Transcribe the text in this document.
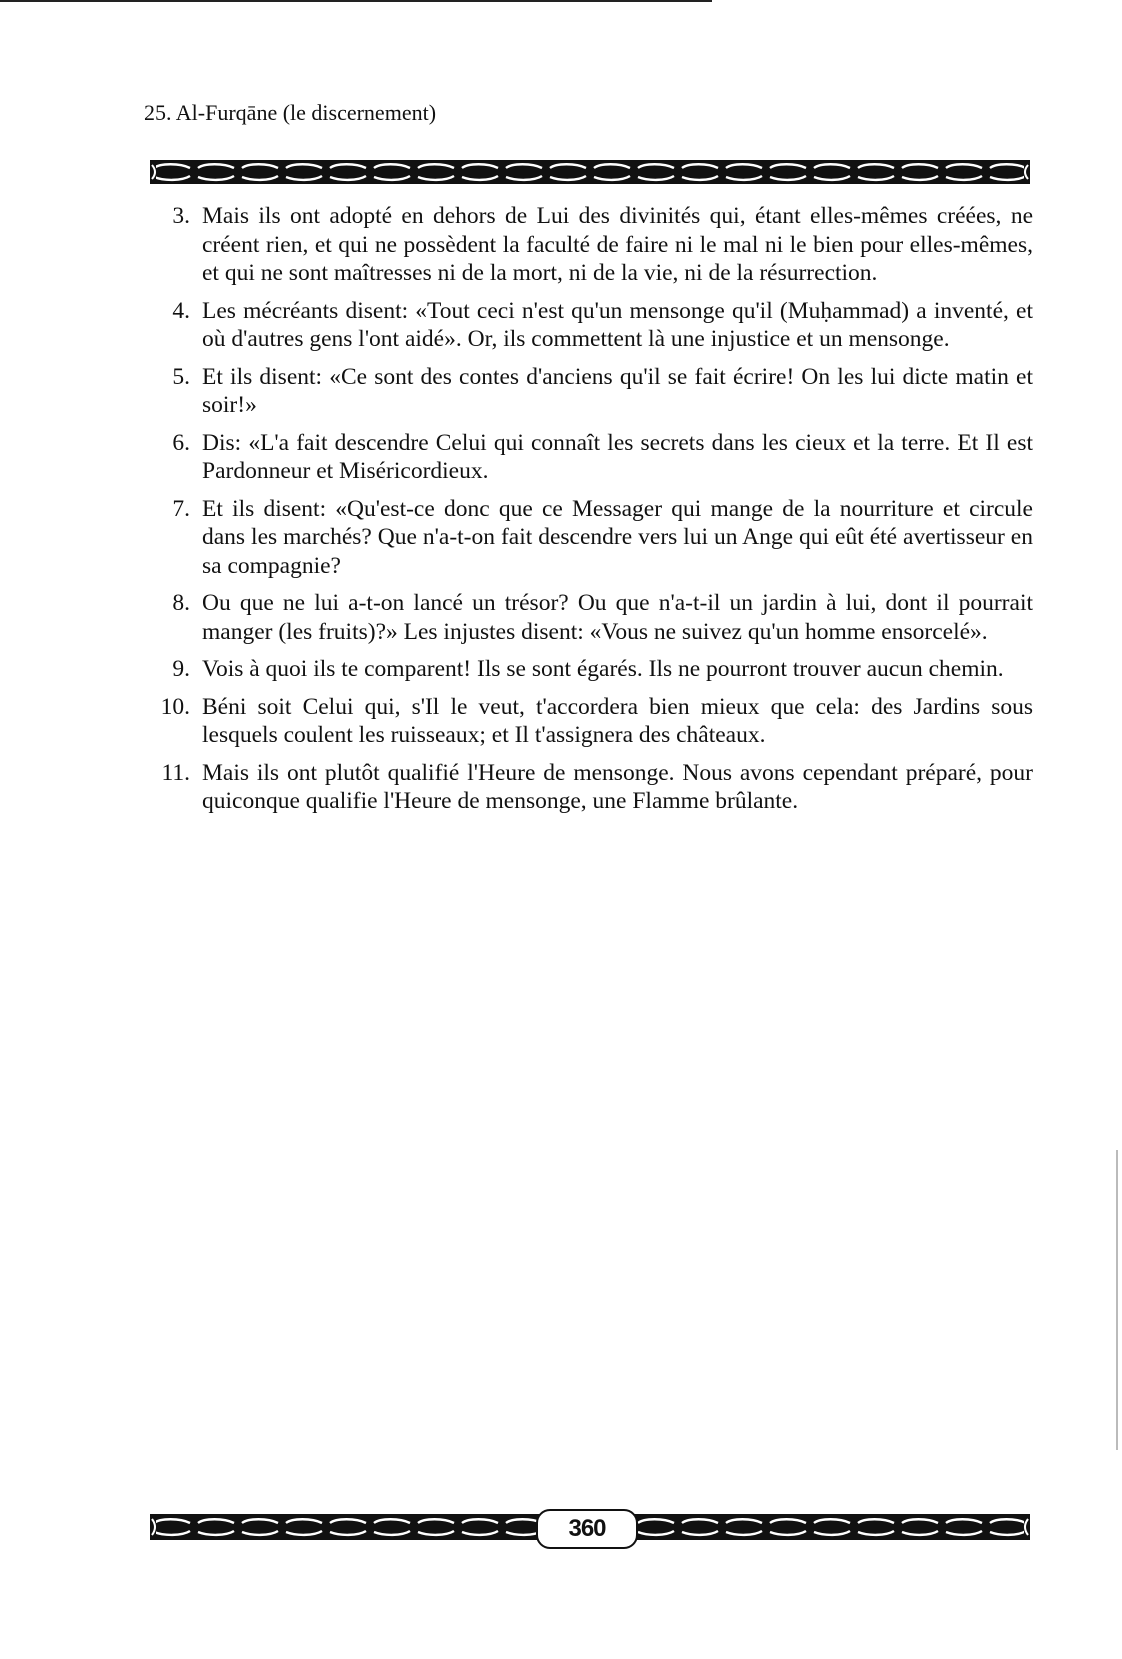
25. Al-Furqāne (le discernement)
3. Mais ils ont adopté en dehors de Lui des divinités qui, étant elles-mêmes créées, ne créent rien, et qui ne possèdent la faculté de faire ni le mal ni le bien pour elles-mêmes, et qui ne sont maîtresses ni de la mort, ni de la vie, ni de la résurrection.
4. Les mécréants disent: «Tout ceci n'est qu'un mensonge qu'il (Muḥammad) a inventé, et où d'autres gens l'ont aidé». Or, ils commettent là une injustice et un mensonge.
5. Et ils disent: «Ce sont des contes d'anciens qu'il se fait écrire! On les lui dicte matin et soir!»
6. Dis: «L'a fait descendre Celui qui connaît les secrets dans les cieux et la terre. Et Il est Pardonneur et Miséricordieux.
7. Et ils disent: «Qu'est-ce donc que ce Messager qui mange de la nourriture et circule dans les marchés? Que n'a-t-on fait descendre vers lui un Ange qui eût été avertisseur en sa compagnie?
8. Ou que ne lui a-t-on lancé un trésor? Ou que n'a-t-il un jardin à lui, dont il pourrait manger (les fruits)?» Les injustes disent: «Vous ne suivez qu'un homme ensorcelé».
9. Vois à quoi ils te comparent! Ils se sont égarés. Ils ne pourront trouver aucun chemin.
10. Béni soit Celui qui, s'Il le veut, t'accordera bien mieux que cela: des Jardins sous lesquels coulent les ruisseaux; et Il t'assignera des châteaux.
11. Mais ils ont plutôt qualifié l'Heure de mensonge. Nous avons cependant préparé, pour quiconque qualifie l'Heure de mensonge, une Flamme brûlante.
360
